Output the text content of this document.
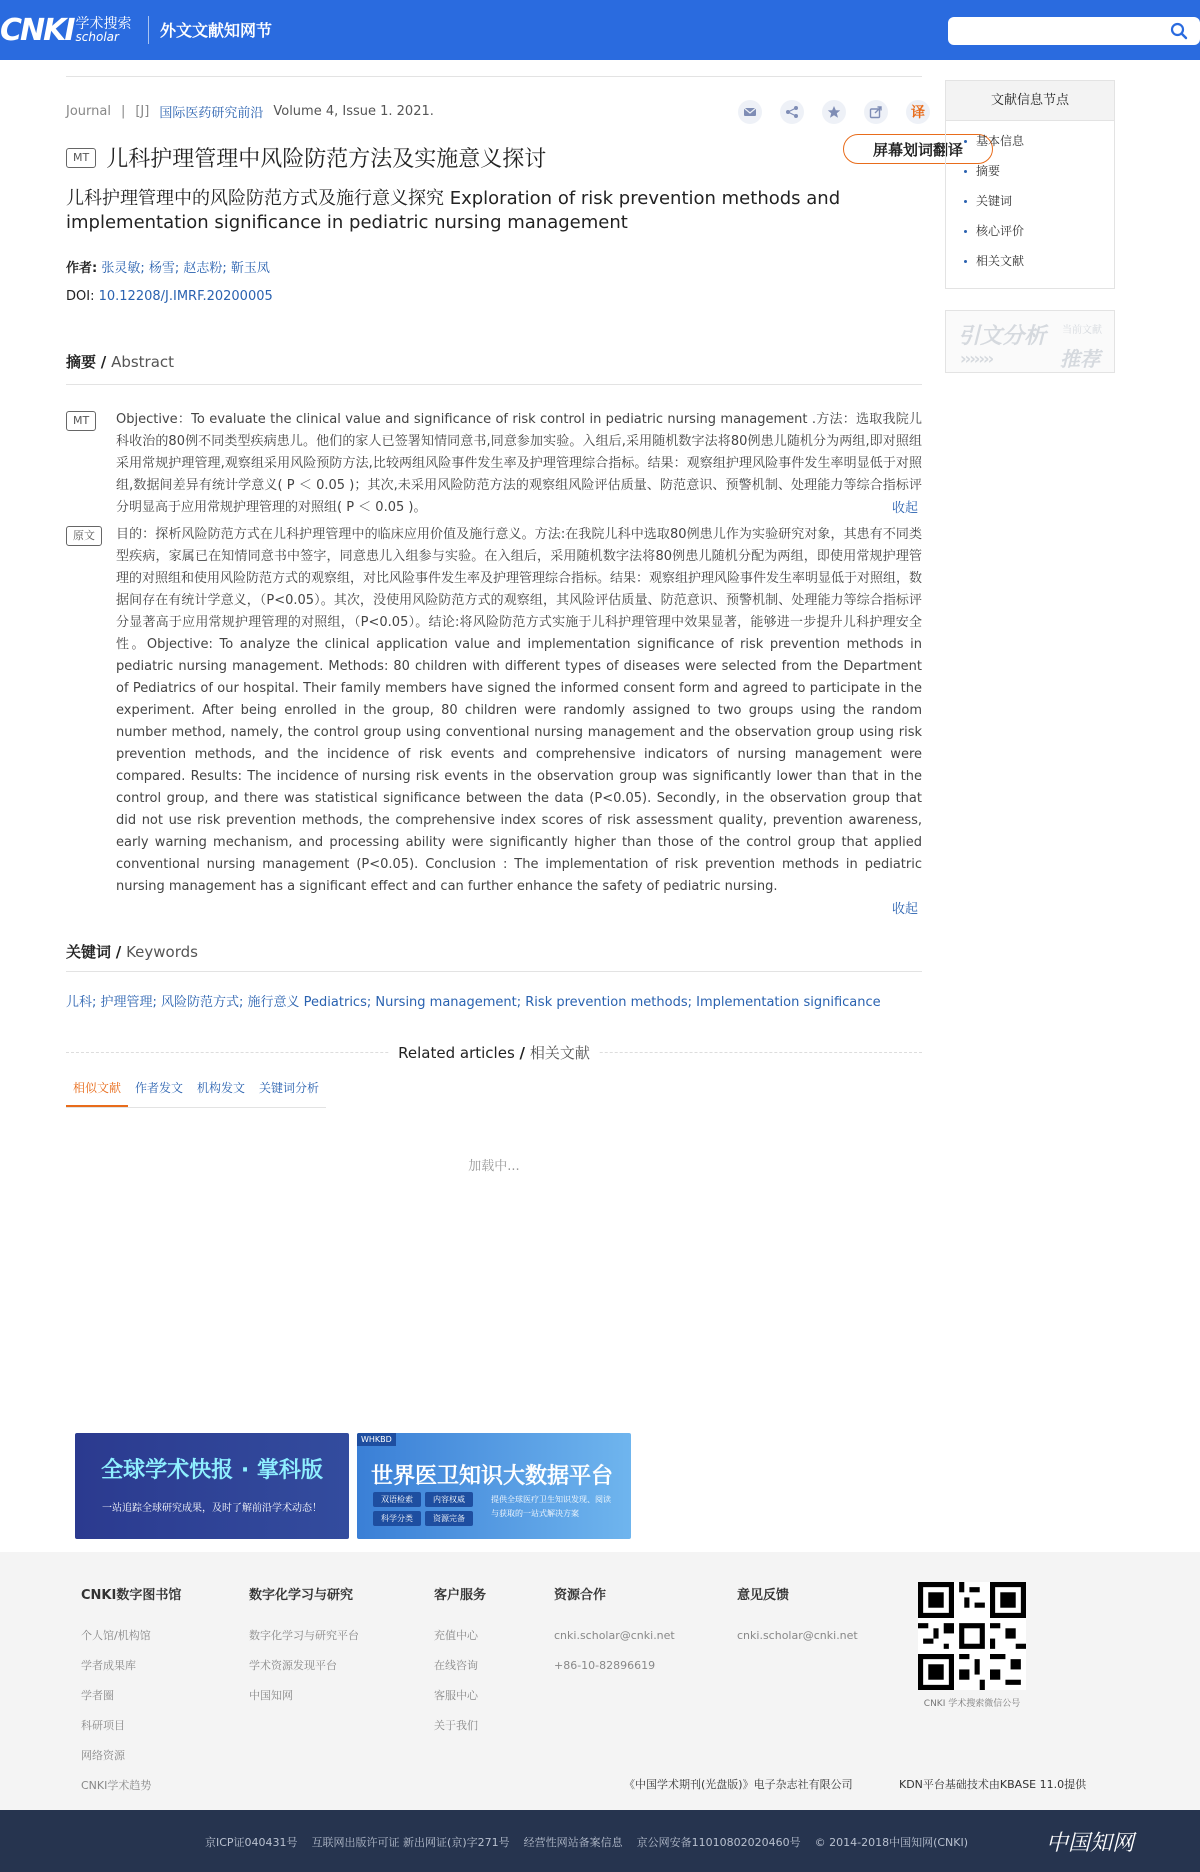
CNKI 学术搜索
scholar	外文文献知网节
Journal | [J] 国际医药研究前沿 Volume 4, Issue 1. 2021.	译
屏幕划词翻译
MT 儿科护理管理中风险防范方法及实施意义探讨
儿科护理管理中的风险防范方式及施行意义探究 Exploration of risk prevention methods and implementation significance in pediatric nursing management
作者: 张灵敏; 杨雪; 赵志粉; 靳玉凤
DOI: 10.12208/J.IMRF.20200005
摘要 / Abstract
MT	Objective：To evaluate the clinical value and significance of risk control in pediatric nursing management .方法：选取我院儿科收治的80例不同类型疾病患儿。他们的家人已签署知情同意书,同意参加实验。入组后,采用随机数字法将80例患儿随机分为两组,即对照组采用常规护理管理,观察组采用风险预防方法,比较两组风险事件发生率及护理管理综合指标。结果：观察组护理风险事件发生率明显低于对照组,数据间差异有统计学意义( P ＜ 0.05 )；其次,未采用风险防范方法的观察组风险评估质量、防范意识、预警机制、处理能力等综合指标评分明显高于应用常规护理管理的对照组( P ＜ 0.05 )。	收起
原文	目的：探析风险防范方式在儿科护理管理中的临床应用价值及施行意义。方法:在我院儿科中选取80例患儿作为实验研究对象，其患有不同类型疾病，家属已在知情同意书中签字，同意患儿入组参与实验。在入组后，采用随机数字法将80例患儿随机分配为两组，即使用常规护理管理的对照组和使用风险防范方式的观察组，对比风险事件发生率及护理管理综合指标。结果：观察组护理风险事件发生率明显低于对照组，数据间存在有统计学意义，（P<0.05）。其次，没使用风险防范方式的观察组，其风险评估质量、防范意识、预警机制、处理能力等综合指标评分显著高于应用常规护理管理的对照组，（P<0.05）。结论:将风险防范方式实施于儿科护理管理中效果显著，能够进一步提升儿科护理安全性。Objective: To analyze the clinical application value and implementation significance of risk prevention methods in pediatric nursing management. Methods: 80 children with different types of diseases were selected from the Department of Pediatrics of our hospital. Their family members have signed the informed consent form and agreed to participate in the experiment. After being enrolled in the group, 80 children were randomly assigned to two groups using the random number method, namely, the control group using conventional nursing management and the observation group using risk prevention methods, and the incidence of risk events and comprehensive indicators of nursing management were compared. Results: The incidence of nursing risk events in the observation group was significantly lower than that in the control group, and there was statistical significance between the data (P<0.05). Secondly, in the observation group that did not use risk prevention methods, the comprehensive index scores of risk assessment quality, prevention awareness, early warning mechanism, and processing ability were significantly higher than those of the control group that applied conventional nursing management (P<0.05). Conclusion : The implementation of risk prevention methods in pediatric nursing management has a significant effect and can further enhance the safety of pediatric nursing.
收起
关键词 / Keywords
儿科; 护理管理; 风险防范方式; 施行意义 Pediatrics; Nursing management; Risk prevention methods; Implementation significance
Related articles / 相关文献
相似文献	作者发文	机构发文	关键词分析
加载中...
全球学术快报 · 掌科版
一站追踪全球研究成果，及时了解前沿学术动态！
WHKBD
世界医卫知识大数据平台
双语检索	内容权威
科学分类	资源完备
提供全球医疗卫生知识发现、阅读与获取的一站式解决方案
文献信息节点
基本信息
摘要
关键词
核心评价
相关文献
引文分析
›››››››
当前文献
推荐
CNKI数字图书馆
个人馆/机构馆
学者成果库
学者圈
科研项目
网络资源
CNKI学术趋势
数字化学习与研究
数字化学习与研究平台
学术资源发现平台
中国知网
客户服务
充值中心
在线咨询
客服中心
关于我们
资源合作
cnki.scholar@cnki.net
+86-10-82896619
意见反馈
cnki.scholar@cnki.net
CNKI 学术搜索微信公号
《中国学术期刊(光盘版)》电子杂志社有限公司	KDN平台基础技术由KBASE 11.0提供
京ICP证040431号 互联网出版许可证 新出网证(京)字271号 经营性网站备案信息 京公网安备11010802020460号 © 2014-2018中国知网(CNKI)	中国知网
